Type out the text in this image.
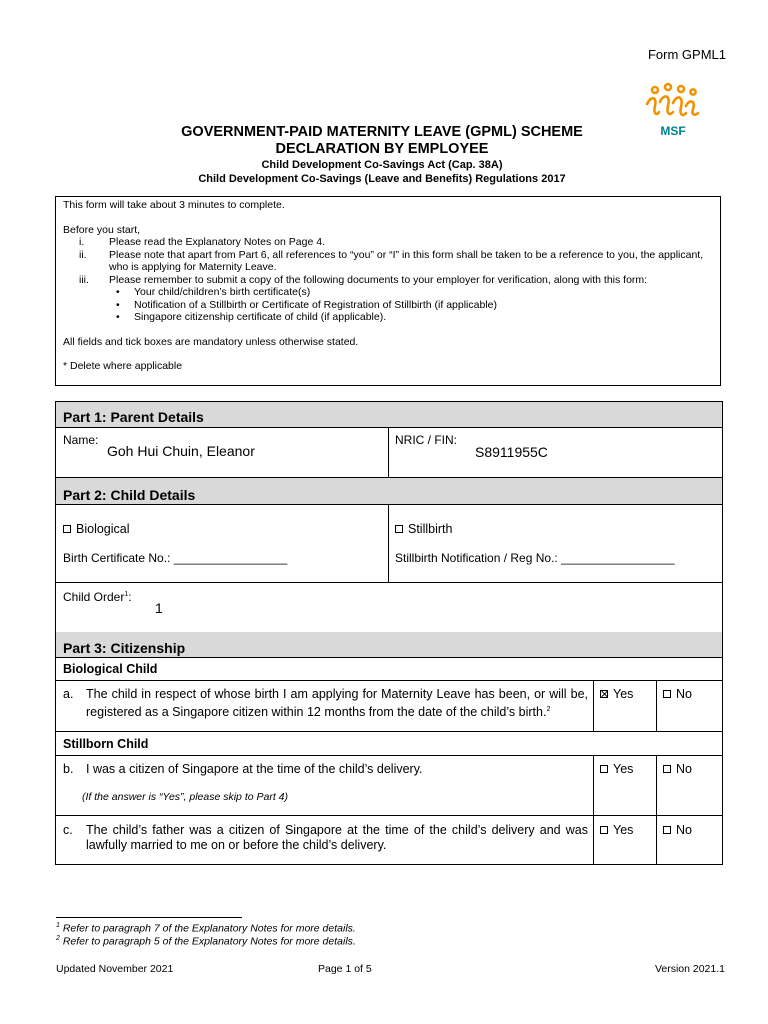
Form GPML1
MSF
GOVERNMENT-PAID MATERNITY LEAVE (GPML) SCHEME
DECLARATION BY EMPLOYEE
Child Development Co-Savings Act (Cap. 38A)
Child Development Co-Savings (Leave and Benefits) Regulations 2017

This form will take about 3 minutes to complete.

Before you start,

i.	Please read the Explanatory Notes on Page 4.
ii.	Please note that apart from Part 6, all references to “you” or “I” in this form shall be taken to be a reference to you, the applicant, who is applying for Maternity Leave.
iii.	Please remember to submit a copy of the following documents to your employer for verification, along with this form:
• Your child/children’s birth certificate(s)
• Notification of a Stillbirth or Certificate of Registration of Stillbirth (if applicable)
• Singapore citizenship certificate of child (if applicable).

All fields and tick boxes are mandatory unless otherwise stated.

* Delete where applicable

Part 1: Parent Details
Name:
Goh Hui Chuin, Eleanor
NRIC / FIN:
S8911955C
Part 2: Child Details
Biological
Birth Certificate No.: _________________
Stillbirth
Stillbirth Notification / Reg No.: _________________
Child Order$^1$:
1
Part 3: Citizenship
Biological Child
a. The child in respect of whose birth I am applying for Maternity Leave has been, or will be, registered as a Singapore citizen within 12 months from the date of the child’s birth.$^2$
Yes	No
Stillborn Child
b. I was a citizen of Singapore at the time of the child’s delivery.
(If the answer is “Yes”, please skip to Part 4)
Yes	No
c. The child’s father was a citizen of Singapore at the time of the child’s delivery and was lawfully married to me on or before the child’s delivery.
Yes	No
$^1$ Refer to paragraph 7 of the Explanatory Notes for more details.
$^2$ Refer to paragraph 5 of the Explanatory Notes for more details.
Updated November 2021	Page 1 of 5	Version 2021.1
